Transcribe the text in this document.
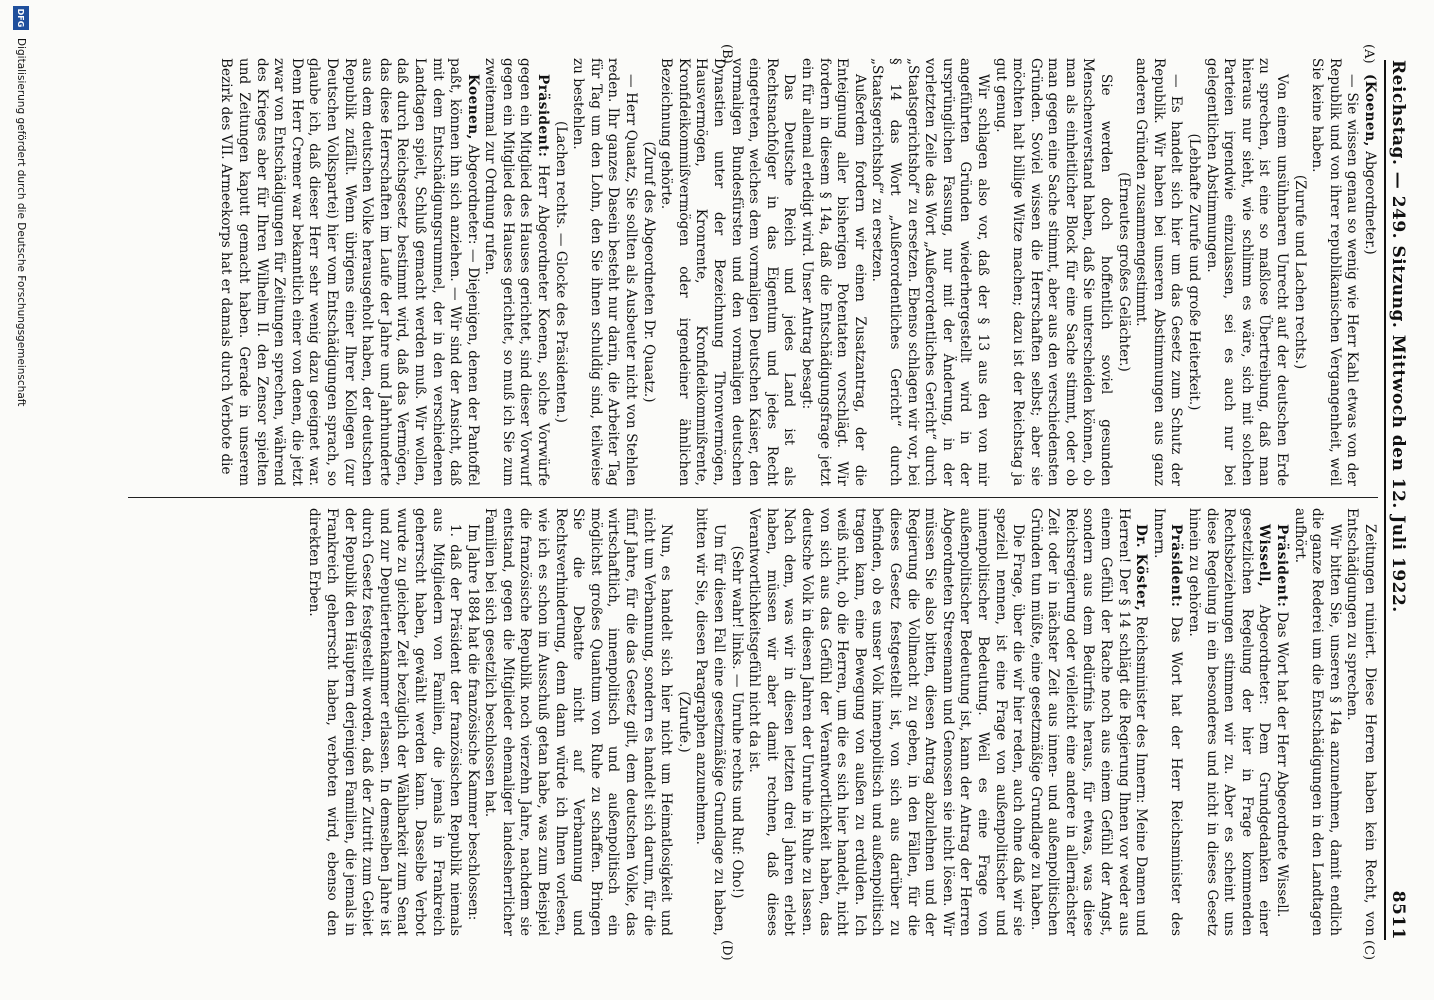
Reichstag. — 249. Sitzung. Mittwoch den 12. Juli 1922.
8511
(A)
(B)
(C)
(D)

(Koenen, Abgeordneter.)

— Sie wissen genau so wenig wie Herr Kahl etwas von der Republik und von ihrer republikanischen Vergangenheit, weil Sie keine haben.

(Zurufe und Lachen rechts.)

Von einem unsühnbaren Unrecht auf der deutschen Erde zu sprechen, ist eine so maßlose Übertreibung, daß man hieraus nur sieht, wie schlimm es wäre, sich mit solchen Parteien irgendwie einzulassen, sei es auch nur bei gelegentlichen Abstimmungen.

(Lebhafte Zurufe und große Heiterkeit.)

— Es handelt sich hier um das Gesetz zum Schutz der Republik. Wir haben bei unseren Abstimmungen aus ganz anderen Gründen zusammengestimmt.

(Erneutes großes Gelächter.)

Sie werden doch hoffentlich soviel gesunden Menschenverstand haben, daß Sie unterscheiden können, ob man als einheitlicher Block für eine Sache stimmt, oder ob man gegen eine Sache stimmt, aber aus den verschiedensten Gründen. Soviel wissen die Herrschaften selbst; aber sie möchten halt billige Witze machen; dazu ist der Reichstag ja gut genug.

Wir schlagen also vor, daß der § 13 aus den von mir angeführten Gründen wiederhergestellt wird in der ursprünglichen Fassung, nur mit der Änderung, in der vorletzten Zeile das Wort „Außerordentliches Gericht“ durch „Staatsgerichtshof“ zu ersetzen. Ebenso schlagen wir vor, bei § 14 das Wort „Außerordentliches Gericht“ durch „Staatsgerichtshof“ zu ersetzen.

Außerdem fordern wir einen Zusatzantrag, der die Enteignung aller bisherigen Potentaten vorschlägt. Wir fordern in diesem § 14a, daß die Entschädigungsfrage jetzt ein für allemal erledigt wird. Unser Antrag besagt:

Das Deutsche Reich und jedes Land ist als Rechtsnachfolger in das Eigentum und jedes Recht eingetreten, welches dem vormaligen Deutschen Kaiser, den vormaligen Bundesfürsten und den vormaligen deutschen Dynastien unter der Bezeichnung Thronvermögen, Hausvermögen, Kronrente, Kronfideikommißrente, Kronfideikommißvermögen oder irgendeiner ähnlichen Bezeichnung gehörte.

(Zuruf des Abgeordneten Dr. Quaatz.)

— Herr Quaatz, Sie sollten als Ausbeuter nicht von Stehlen reden. Ihr ganzes Dasein besteht nur darin, die Arbeiter Tag für Tag um den Lohn, den Sie ihnen schuldig sind, teilweise zu bestehlen.

(Lachen rechts. — Glocke des Präsidenten.)

Präsident: Herr Abgeordneter Koenen, solche Vorwürfe gegen ein Mitglied des Hauses gerichtet, sind dieser Vorwurf gegen ein Mitglied des Hauses gerichtet, so muß ich Sie zum zweitenmal zur Ordnung rufen.

Koenen, Abgeordneter: — Diejenigen, denen der Pantoffel paßt, können ihn sich anziehen. — Wir sind der Ansicht, daß mit dem Entschädigungsrummel, der in den verschiedenen Landtagen spielt, Schluß gemacht werden muß. Wir wollen, daß durch Reichsgesetz bestimmt wird, daß das Vermögen, das diese Herrschaften im Laufe der Jahre und Jahrhunderte aus dem deutschen Volke herausgeholt haben, der deutschen Republik zufällt. Wenn übrigens einer Ihrer Kollegen (zur Deutschen Volkspartei) hier vom Entschädigungen sprach, so glaube ich, daß dieser Herr sehr wenig dazu geeignet war. Denn Herr Cremer war bekanntlich einer von denen, die jetzt zwar von Entschädigungen für Zeitungen sprechen, während des Krieges aber für Ihren Wilhelm II. den Zensor spielten und Zeitungen kaputt gemacht haben. Gerade in unserem Bezirk des VII. Armeekorps hat er damals durch Verbote die

Zeitungen ruiniert. Diese Herren haben kein Recht, von Entschädigungen zu sprechen.

Wir bitten Sie, unseren § 14a anzunehmen, damit endlich die ganze Rederei um die Entschädigungen in den Landtagen aufhört.

Präsident: Das Wort hat der Herr Abgeordnete Wissell.

Wissell, Abgeordneter: Dem Grundgedanken einer gesetzlichen Regelung der hier in Frage kommenden Rechtsbeziehungen stimmen wir zu. Aber es scheint uns diese Regelung in ein besonderes und nicht in dieses Gesetz hinein zu gehören.

Präsident: Das Wort hat der Herr Reichsminister des Innern.

Dr. Köster, Reichsminister des Innern: Meine Damen und Herren! Der § 14 schlägt die Regierung Ihnen vor weder aus einem Gefühl der Rache noch aus einem Gefühl der Angst, sondern aus dem Bedürfnis heraus, für etwas, was diese Reichsregierung oder vielleicht eine andere in allernächster Zeit oder in nächster Zeit aus innen- und außenpolitischen Gründen tun müßte, eine gesetzmäßige Grundlage zu haben.

Die Frage, über die wir hier reden, auch ohne daß wir sie speziell nennen, ist eine Frage von außenpolitischer und innenpolitischer Bedeutung. Weil es eine Frage von außenpolitischer Bedeutung ist, kann der Antrag der Herren Abgeordneten Stresemann und Genossen sie nicht lösen. Wir müssen Sie also bitten, diesen Antrag abzulehnen und der Regierung die Vollmacht zu geben, in den Fällen, für die dieses Gesetz festgestellt ist, von sich aus darüber zu befinden, ob es unser Volk innenpolitisch und außenpolitisch tragen kann, eine Bewegung von außen zu erdulden. Ich weiß nicht, ob die Herren, um die es sich hier handelt, nicht von sich aus das Gefühl der Verantwortlichkeit haben, das deutsche Volk in diesen Jahren der Unruhe in Ruhe zu lassen. Nach dem, was wir in diesen letzten drei Jahren erlebt haben, müssen wir aber damit rechnen, daß dieses Verantwortlichkeitsgefühl nicht da ist.

(Sehr wahr! links. — Unruhe rechts und Ruf: Oho!)

Um für diesen Fall eine gesetzmäßige Grundlage zu haben, bitten wir Sie, diesen Paragraphen anzunehmen.

(Zurufe.)

Nun, es handelt sich hier nicht um Heimatlosigkeit und nicht um Verbannung, sondern es handelt sich darum, für die fünf Jahre, für die das Gesetz gilt, dem deutschen Volke, das wirtschaftlich, innenpolitisch und außenpolitisch ein möglichst großes Quantum von Ruhe zu schaffen. Bringen Sie die Debatte nicht auf Verbannung und Rechtsverhinderung, denn dann würde ich Ihnen vorlesen, wie ich es schon im Ausschuß getan habe, was zum Beispiel die französische Republik noch vierzehn Jahre, nachdem sie entstand, gegen die Mitglieder ehemaliger landesherrlicher Familien bei sich gesetzlich beschlossen hat.

Im Jahre 1884 hat die französische Kammer beschlossen:

1. daß der Präsident der französischen Republik niemals aus Mitgliedern von Familien, die jemals in Frankreich geherrscht haben, gewählt werden kann. Dasselbe Verbot wurde zu gleicher Zeit bezüglich der Wählbarkeit zum Senat und zur Deputiertenkammer erlassen. In demselben Jahre ist durch Gesetz festgestellt worden, daß der Zutritt zum Gebiet der Republik den Häuptern derjenigen Familien, die jemals in Frankreich geherrscht haben, verboten wird, ebenso den direkten Erben.

DFG
Digitalisierung gefördert durch die Deutsche Forschungsgemeinschaft
